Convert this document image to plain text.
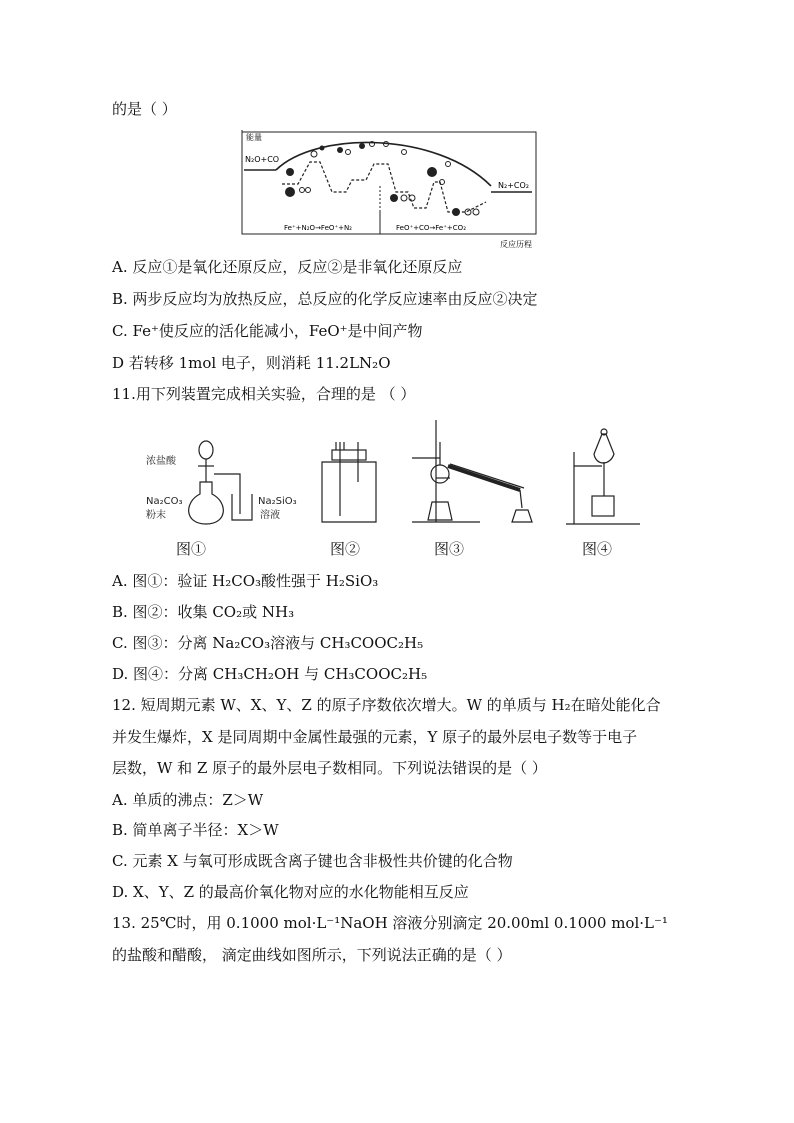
的是（ ）
能量
反应历程
N₂O+CO
N₂+CO₂
Fe⁺+N₂O→FeO⁺+N₂	FeO⁺+CO→Fe⁺+CO₂
A. 反应①是氧化还原反应，反应②是非氧化还原反应
B. 两步反应均为放热反应，总反应的化学反应速率由反应②决定
C. Fe⁺使反应的活化能减小，FeO⁺是中间产物
D 若转移 1mol 电子，则消耗 11.2LN₂O
11.用下列装置完成相关实验，合理的是 （ ）
浓盐酸
Na₂CO₃
粉末
Na₂SiO₃
溶液
图①	图②	图③	图④
A. 图①：验证 H₂CO₃酸性强于 H₂SiO₃
B. 图②：收集 CO₂或 NH₃
C. 图③：分离 Na₂CO₃溶液与 CH₃COOC₂H₅
D. 图④：分离 CH₃CH₂OH 与 CH₃COOC₂H₅
12. 短周期元素 W、X、Y、Z 的原子序数依次增大。W 的单质与 H₂在暗处能化合
并发生爆炸，X 是同周期中金属性最强的元素，Y 原子的最外层电子数等于电子
层数，W 和 Z 原子的最外层电子数相同。下列说法错误的是（ ）
A. 单质的沸点：Z＞W
B. 简单离子半径：X＞W
C. 元素 X 与氧可形成既含离子键也含非极性共价键的化合物
D. X、Y、Z 的最高价氧化物对应的水化物能相互反应
13. 25℃时，用 0.1000 mol·L⁻¹NaOH 溶液分别滴定 20.00ml 0.1000 mol·L⁻¹
的盐酸和醋酸， 滴定曲线如图所示，下列说法正确的是（ ）
